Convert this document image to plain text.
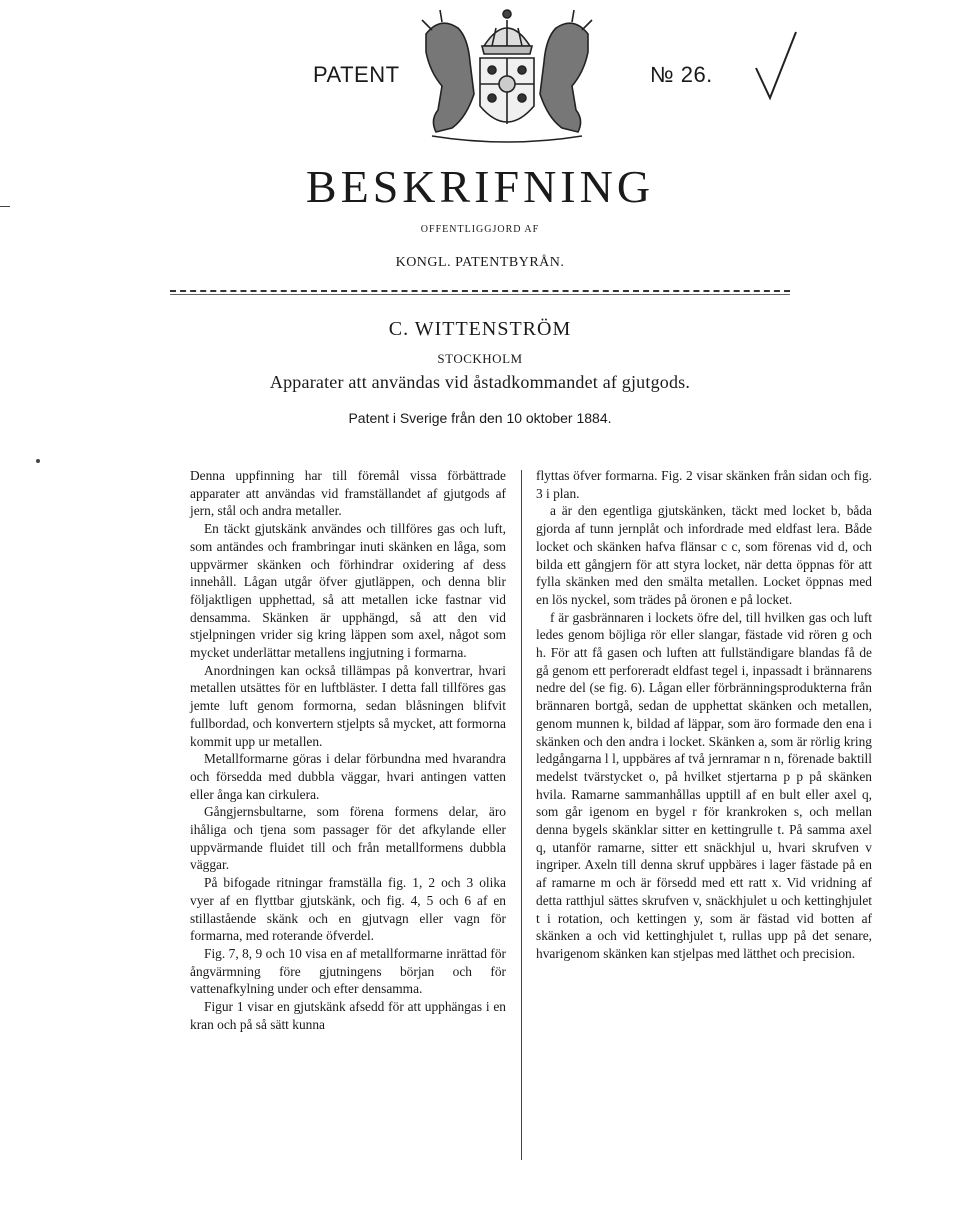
PATENT	№ 26.
BESKRIFNING
OFFENTLIGGJORD AF
KONGL. PATENTBYRÅN.
C. WITTENSTRÖM
STOCKHOLM
Apparater att användas vid åstadkommandet af gjutgods.
Patent i Sverige från den 10 oktober 1884.

Denna uppfinning har till föremål vissa förbättrade apparater att användas vid framställandet af gjutgods af jern, stål och andra metaller.

En täckt gjutskänk användes och tillföres gas och luft, som antändes och frambringar inuti skänken en låga, som uppvärmer skänken och förhindrar oxidering af dess innehåll. Lågan utgår öfver gjutläppen, och denna blir följaktligen upphettad, så att metallen icke fastnar vid densamma. Skänken är upphängd, så att den vid stjelpningen vrider sig kring läppen som axel, något som mycket underlättar metallens ingjutning i formarna.

Anordningen kan också tillämpas på konvertrar, hvari metallen utsättes för en luftbläster. I detta fall tillföres gas jemte luft genom formorna, sedan blåsningen blifvit fullbordad, och konvertern stjelpts så mycket, att formorna kommit upp ur metallen.

Metallformarne göras i delar förbundna med hvarandra och försedda med dubbla väggar, hvari antingen vatten eller ånga kan cirkulera.

Gångjernsbultarne, som förena formens delar, äro ihåliga och tjena som passager för det afkylande eller uppvärmande fluidet till och från metallformens dubbla väggar.

På bifogade ritningar framställa fig. 1, 2 och 3 olika vyer af en flyttbar gjutskänk, och fig. 4, 5 och 6 af en stillastående skänk och en gjutvagn eller vagn för formarna, med roterande öfverdel.

Fig. 7, 8, 9 och 10 visa en af metallformarne inrättad för ångvärmning före gjutningens början och för vattenafkylning under och efter densamma.

Figur 1 visar en gjutskänk afsedd för att upphängas i en kran och på så sätt kunna

flyttas öfver formarna. Fig. 2 visar skänken från sidan och fig. 3 i plan.

a är den egentliga gjutskänken, täckt med locket b, båda gjorda af tunn jernplåt och infordrade med eldfast lera. Både locket och skänken hafva flänsar c c, som förenas vid d, och bilda ett gångjern för att styra locket, när detta öppnas för att fylla skänken med den smälta metallen. Locket öppnas med en lös nyckel, som trädes på öronen e på locket.

f är gasbrännaren i lockets öfre del, till hvilken gas och luft ledes genom böjliga rör eller slangar, fästade vid rören g och h. För att få gasen och luften att fullständigare blandas få de gå genom ett perforeradt eldfast tegel i, inpassadt i brännarens nedre del (se fig. 6). Lågan eller förbränningsprodukterna från brännaren bortgå, sedan de upphettat skänken och metallen, genom munnen k, bildad af läppar, som äro formade den ena i skänken och den andra i locket. Skänken a, som är rörlig kring ledgångarna l l, uppbäres af två jernramar n n, förenade baktill medelst tvärstycket o, på hvilket stjertarna p p på skänken hvila. Ramarne sammanhållas upptill af en bult eller axel q, som går igenom en bygel r för krankroken s, och mellan denna bygels skänklar sitter en kettingrulle t. På samma axel q, utanför ramarne, sitter ett snäckhjul u, hvari skrufven v ingriper. Axeln till denna skruf uppbäres i lager fästade på en af ramarne m och är försedd med ett ratt x. Vid vridning af detta ratthjul sättes skrufven v, snäckhjulet u och kettinghjulet t i rotation, och kettingen y, som är fästad vid botten af skänken a och vid kettinghjulet t, rullas upp på det senare, hvarigenom skänken kan stjelpas med lätthet och precision.
